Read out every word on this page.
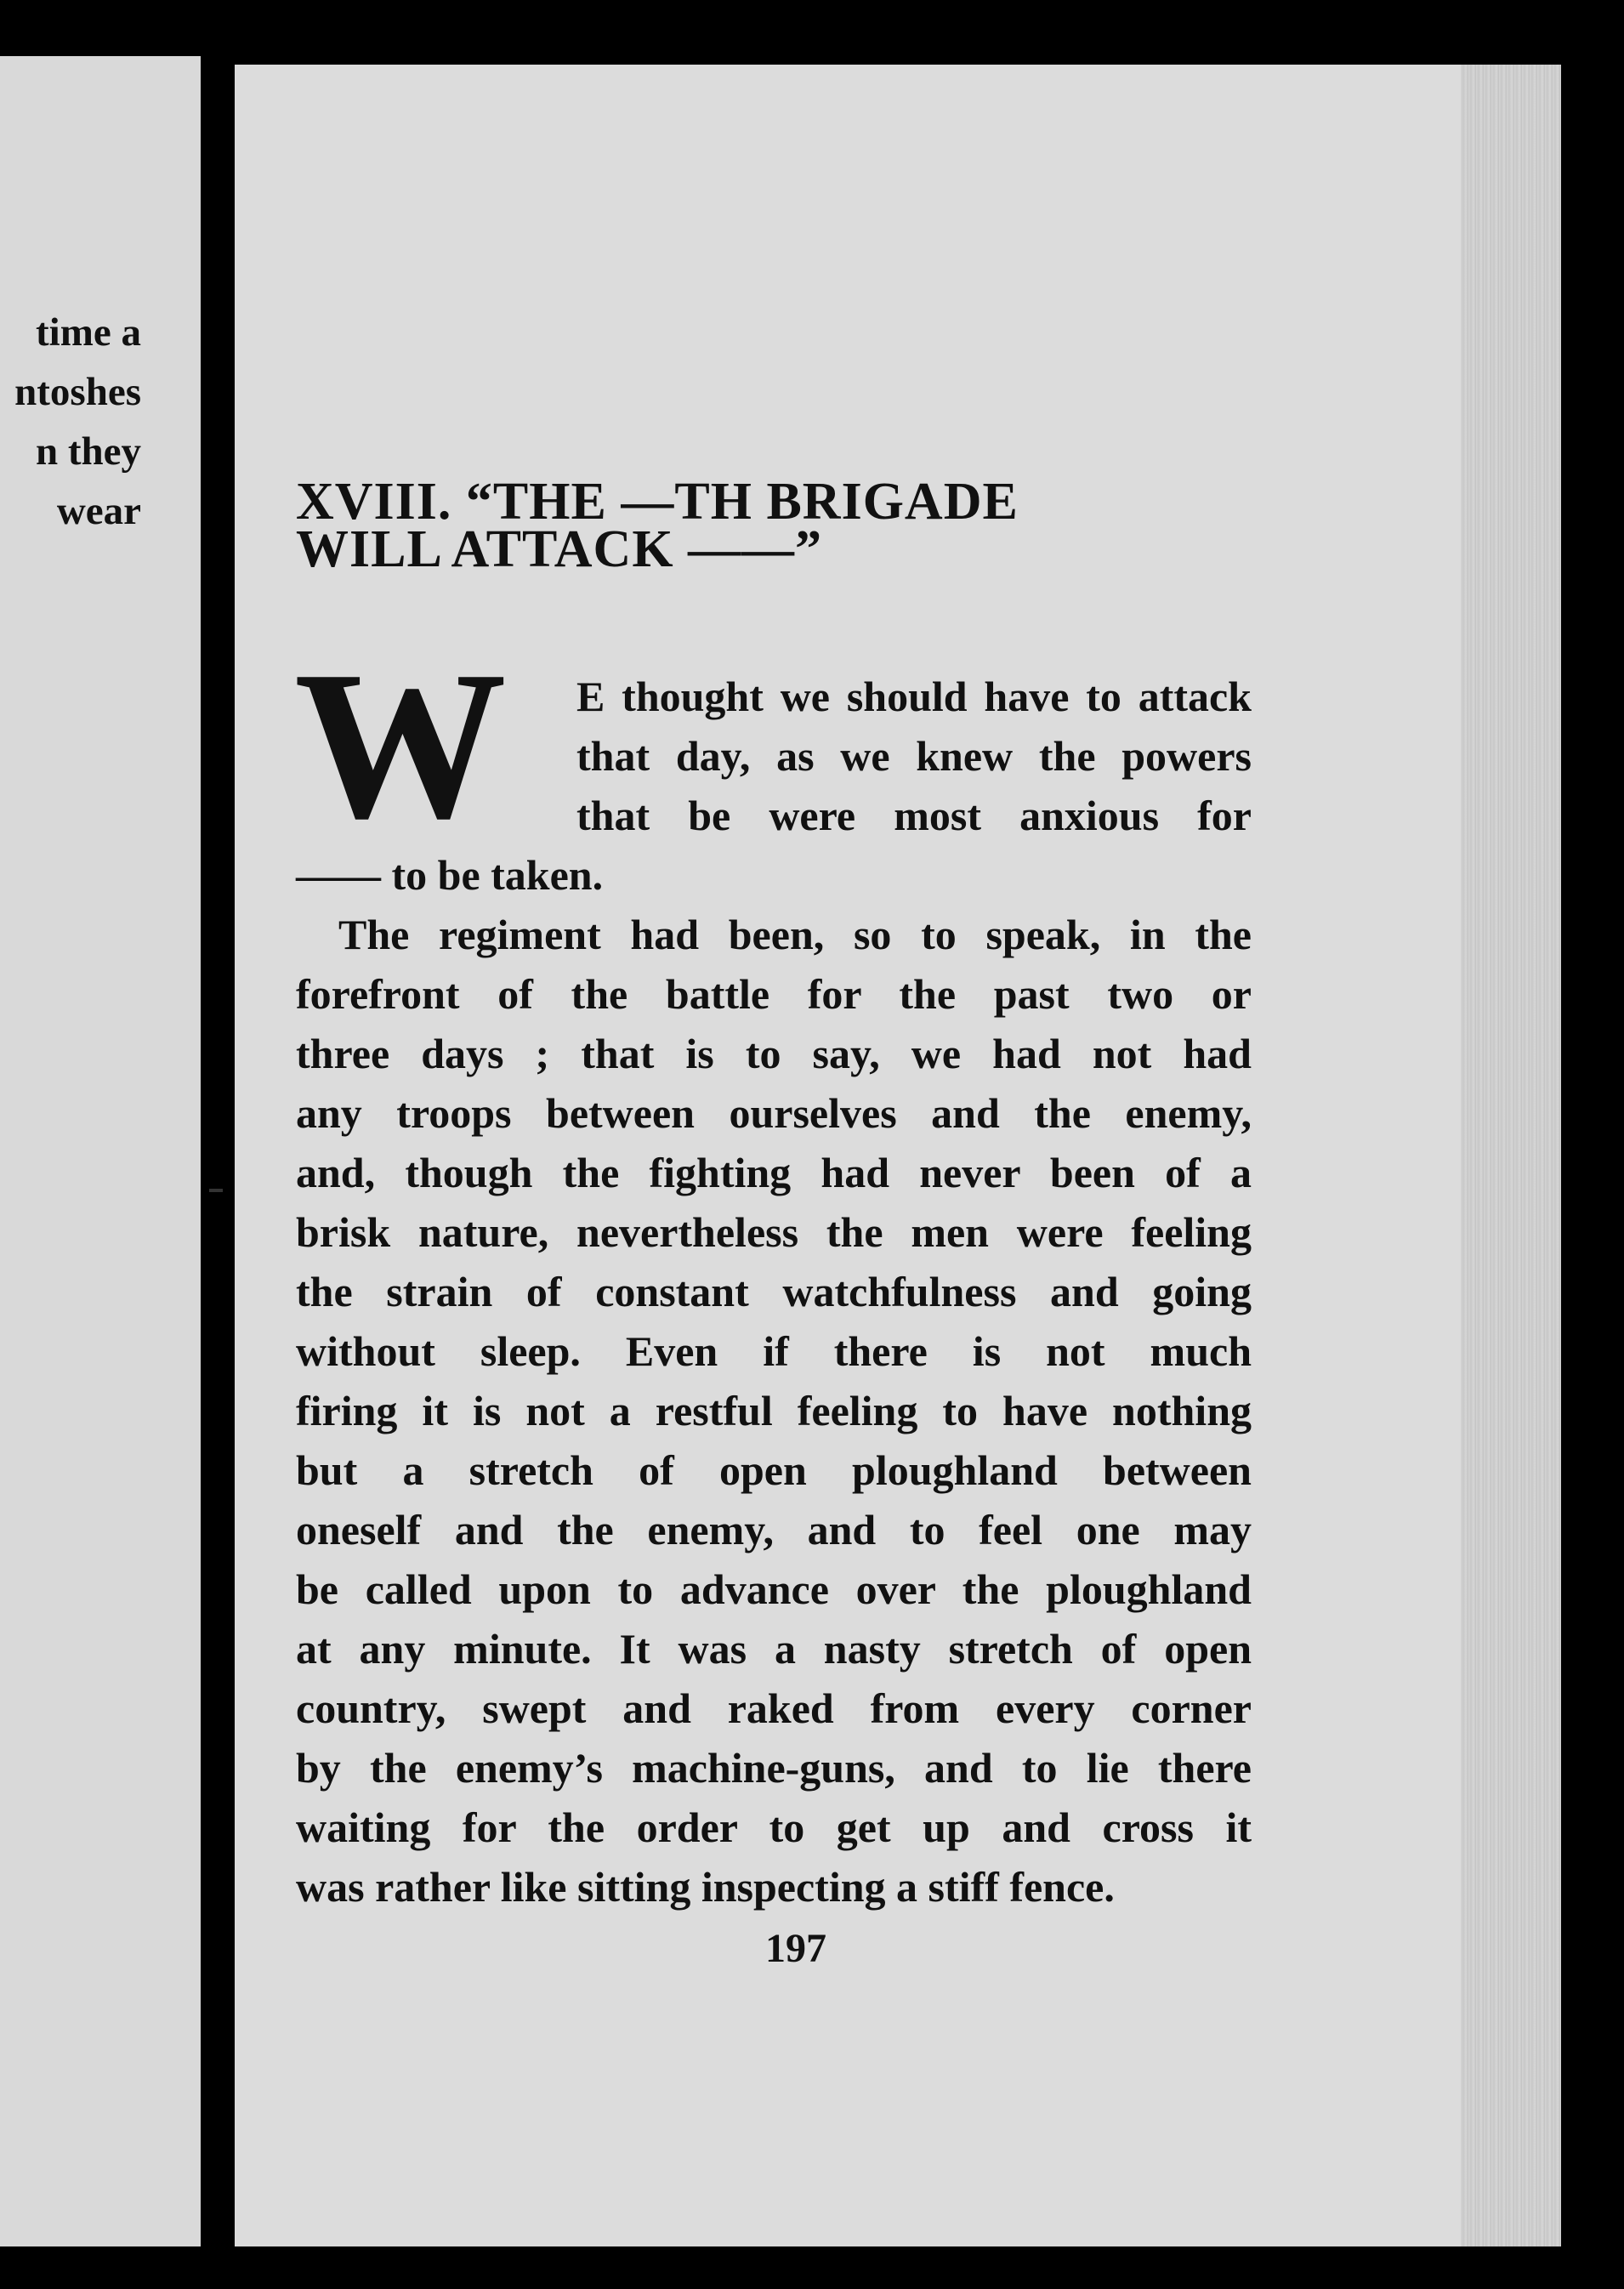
time a
ntoshes
n they
wear	XVIII. “THE —TH BRIGADE
WILL ATTACK ——”
W E thought we should have to attack
that day, as we knew the powers
that be were most anxious for
—— to be taken.
The regiment had been, so to speak, in the
forefront of the battle for the past two or
three days ; that is to say, we had not had
any troops between ourselves and the enemy,
and, though the fighting had never been of a
brisk nature, nevertheless the men were feeling
the strain of constant watchfulness and going
without sleep. Even if there is not much
firing it is not a restful feeling to have nothing
but a stretch of open ploughland between
oneself and the enemy, and to feel one may
be called upon to advance over the ploughland
at any minute. It was a nasty stretch of open
country, swept and raked from every corner
by the enemy’s machine-guns, and to lie there
waiting for the order to get up and cross it
was rather like sitting inspecting a stiff fence.
197
